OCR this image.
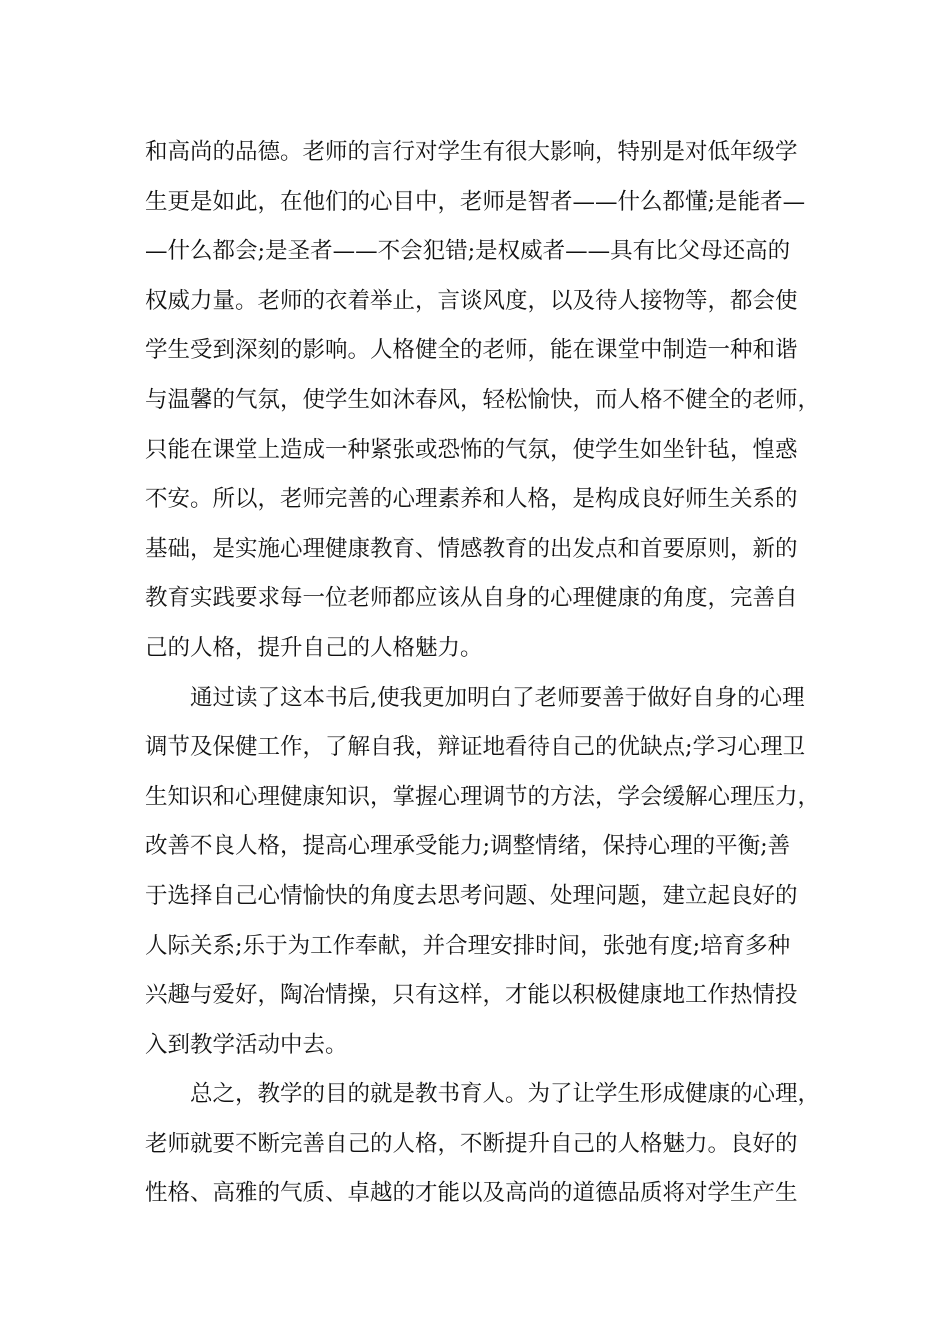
和高尚的品德。老师的言行对学生有很大影响，特别是对低年级学
生更是如此，在他们的心目中，老师是智者——什么都懂;是能者—
—什么都会;是圣者——不会犯错;是权威者——具有比父母还高的
权威力量。老师的衣着举止，言谈风度，以及待人接物等，都会使
学生受到深刻的影响。人格健全的老师，能在课堂中制造一种和谐
与温馨的气氛，使学生如沐春风，轻松愉快，而人格不健全的老师，
只能在课堂上造成一种紧张或恐怖的气氛，使学生如坐针毡，惶惑
不安。所以，老师完善的心理素养和人格，是构成良好师生关系的
基础，是实施心理健康教育、情感教育的出发点和首要原则，新的
教育实践要求每一位老师都应该从自身的心理健康的角度，完善自
己的人格，提升自己的人格魅力。
通过读了这本书后,使我更加明白了老师要善于做好自身的心理
调节及保健工作，了解自我，辩证地看待自己的优缺点;学习心理卫
生知识和心理健康知识，掌握心理调节的方法，学会缓解心理压力，
改善不良人格，提高心理承受能力;调整情绪，保持心理的平衡;善
于选择自己心情愉快的角度去思考问题、处理问题，建立起良好的
人际关系;乐于为工作奉献，并合理安排时间，张弛有度;培育多种
兴趣与爱好，陶冶情操，只有这样，才能以积极健康地工作热情投
入到教学活动中去。
总之，教学的目的就是教书育人。为了让学生形成健康的心理，
老师就要不断完善自己的人格，不断提升自己的人格魅力。良好的
性格、高雅的气质、卓越的才能以及高尚的道德品质将对学生产生
